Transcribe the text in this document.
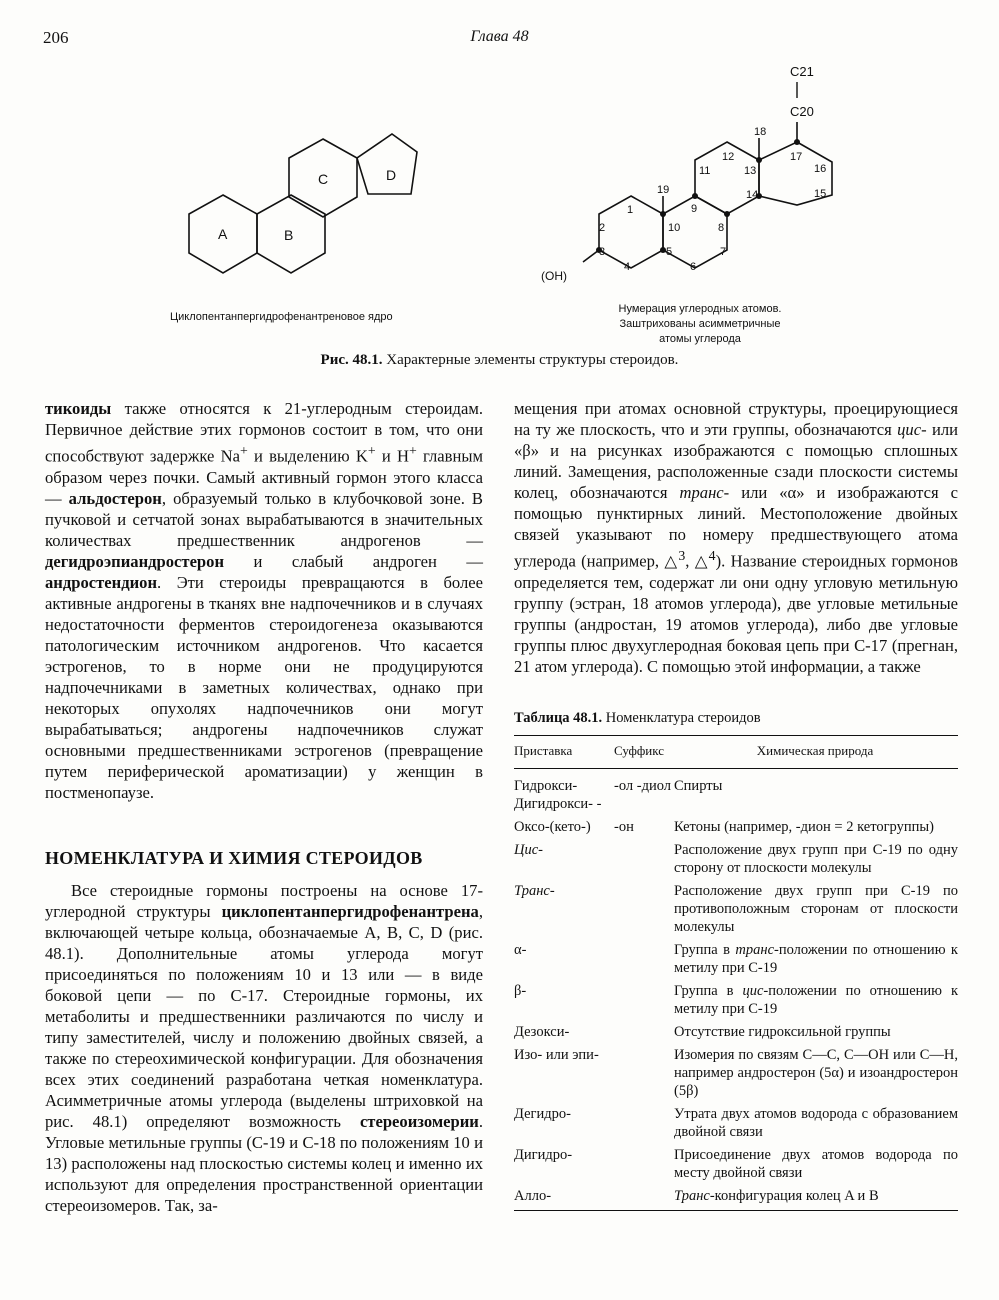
206	Глава 48
A	B
C	D
C21
C20
18
12	17
11	13	16
19
9
14	15
1
10	8
2
3	5	7
4	6
(OH)
Циклопентанпергидрофенантреновое ядро
Нумерация углеродных атомов.
Заштрихованы асимметричные
атомы углерода
Рис. 48.1. Характерные элементы структуры стероидов.

тикоиды также относятся к 21-углеродным стероидам. Первичное действие этих гормонов состоит в том, что они способствуют задержке Na+ и выделению K+ и H+ главным образом через почки. Самый активный гормон этого класса — альдостерон, образуемый только в клубочковой зоне. В пучковой и сетчатой зонах вырабатываются в значительных количествах предшественник андрогенов — дегидроэпиандростерон и слабый андроген — андростендион. Эти стероиды превращаются в более активные андрогены в тканях вне надпочечников и в случаях недостаточности ферментов стероидогенеза оказываются патологическим источником андрогенов. Что касается эстрогенов, то в норме они не продуцируются надпочечниками в заметных количествах, однако при некоторых опухолях надпочечников они могут вырабатываться; андрогены надпочечников служат основными предшественниками эстрогенов (превращение путем периферической ароматизации) у женщин в постменопаузе.

НОМЕНКЛАТУРА И ХИМИЯ СТЕРОИДОВ

Все стероидные гормоны построены на основе 17-углеродной структуры циклопентанпергидрофенантрена, включающей четыре кольца, обозначаемые A, B, C, D (рис. 48.1). Дополнительные атомы углерода могут присоединяться по положениям 10 и 13 или — в виде боковой цепи — по C-17. Стероидные гормоны, их метаболиты и предшественники различаются по числу и типу заместителей, числу и положению двойных связей, а также по стереохимической конфигурации. Для обозначения всех этих соединений разработана четкая номенклатура. Асимметричные атомы углерода (выделены штриховкой на рис. 48.1) определяют возможность стереоизомерии. Угловые метильные группы (C-19 и C-18 по положениям 10 и 13) расположены над плоскостью системы колец и именно их используют для определения пространственной ориентации стереоизомеров. Так, за-

мещения при атомах основной структуры, проецирующиеся на ту же плоскость, что и эти группы, обозначаются цис- или «β» и на рисунках изображаются с помощью сплошных линий. Замещения, расположенные сзади плоскости системы колец, обозначаются транс- или «α» и изображаются с помощью пунктирных линий. Местоположение двойных связей указывают по номеру предшествующего атома углерода (например, △$^3$, △$^4$). Название стероидных гормонов определяется тем, содержат ли они одну угловую метильную группу (эстран, 18 атомов углерода), две угловые метильные группы (андростан, 19 атомов углерода), либо две угловые группы плюс двухуглеродная боковая цепь при C-17 (прегнан, 21 атом углерода). С помощью этой информации, а также

Таблица 48.1. Номенклатура стероидов
Приставка	Суффикс	Химическая природа
Гидрокси- Дигидрокси- -	-ол -диол	Спирты
Оксо-(кето-)	-он	Кетоны (например, -дион = 2 кетогруппы)
Цис-		Расположение двух групп при C-19 по одну сторону от плоскости молекулы
Транс-		Расположение двух групп при C-19 по противоположным сторонам от плоскости молекулы
α-		Группа в транс-положении по отношению к метилу при C-19
β-		Группа в цис-положении по отношению к метилу при C-19
Дезокси-		Отсутствие гидроксильной группы
Изо- или эпи-		Изомерия по связям C—C, C—OH или C—H, например андростерон (5α) и изоандростерон (5β)
Дегидро-		Утрата двух атомов водорода с образованием двойной связи
Дигидро-		Присоединение двух атомов водорода по месту двойной связи
Алло-		Транс-конфигурация колец A и B
